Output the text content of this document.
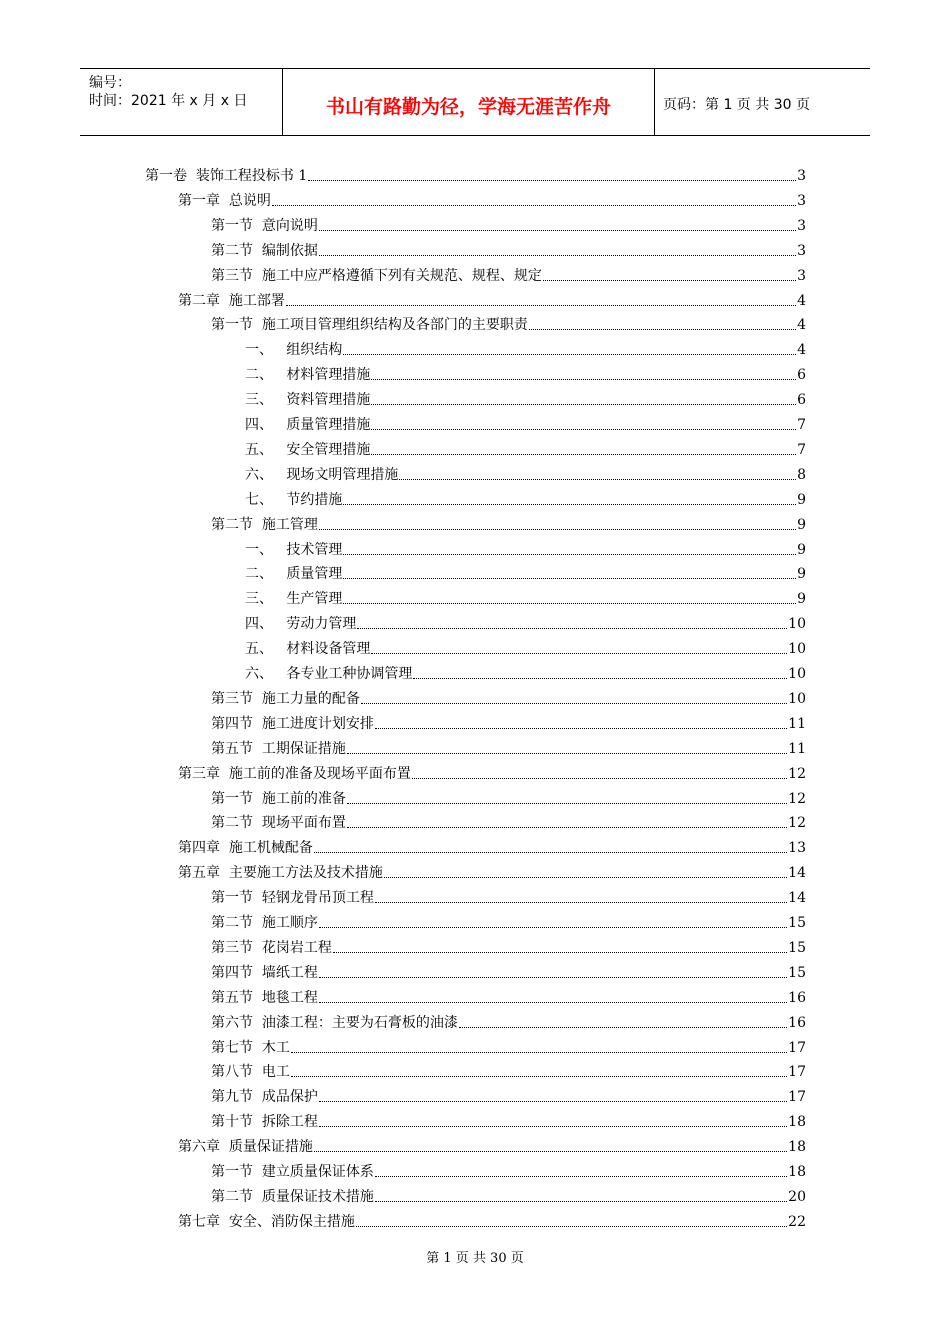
编号：
时间：2021 年 x 月 x 日	书山有路勤为径，学海无涯苦作舟	页码：第 1 页 共 30 页
第一卷  装饰工程投标书 1	3
第一章  总说明	3
第一节  意向说明	3
第二节  编制依据	3
第三节  施工中应严格遵循下列有关规范、规程、规定	3
第二章  施工部署	4
第一节  施工项目管理组织结构及各部门的主要职责	4
一、   组织结构	4
二、   材料管理措施	6
三、   资料管理措施	6
四、   质量管理措施	7
五、   安全管理措施	7
六、   现场文明管理措施	8
七、   节约措施	9
第二节  施工管理	9
一、   技术管理	9
二、   质量管理	9
三、   生产管理	9
四、   劳动力管理	10
五、   材料设备管理	10
六、   各专业工种协调管理	10
第三节  施工力量的配备	10
第四节  施工进度计划安排	11
第五节  工期保证措施	11
第三章  施工前的准备及现场平面布置	12
第一节  施工前的准备	12
第二节  现场平面布置	12
第四章  施工机械配备	13
第五章  主要施工方法及技术措施	14
第一节  轻钢龙骨吊顶工程	14
第二节  施工顺序	15
第三节  花岗岩工程	15
第四节  墙纸工程	15
第五节  地毯工程	16
第六节  油漆工程：主要为石膏板的油漆	16
第七节  木工	17
第八节  电工	17
第九节  成品保护	17
第十节  拆除工程	18
第六章  质量保证措施	18
第一节  建立质量保证体系	18
第二节  质量保证技术措施	20
第七章  安全、消防保主措施	22
第 1 页 共 30 页
